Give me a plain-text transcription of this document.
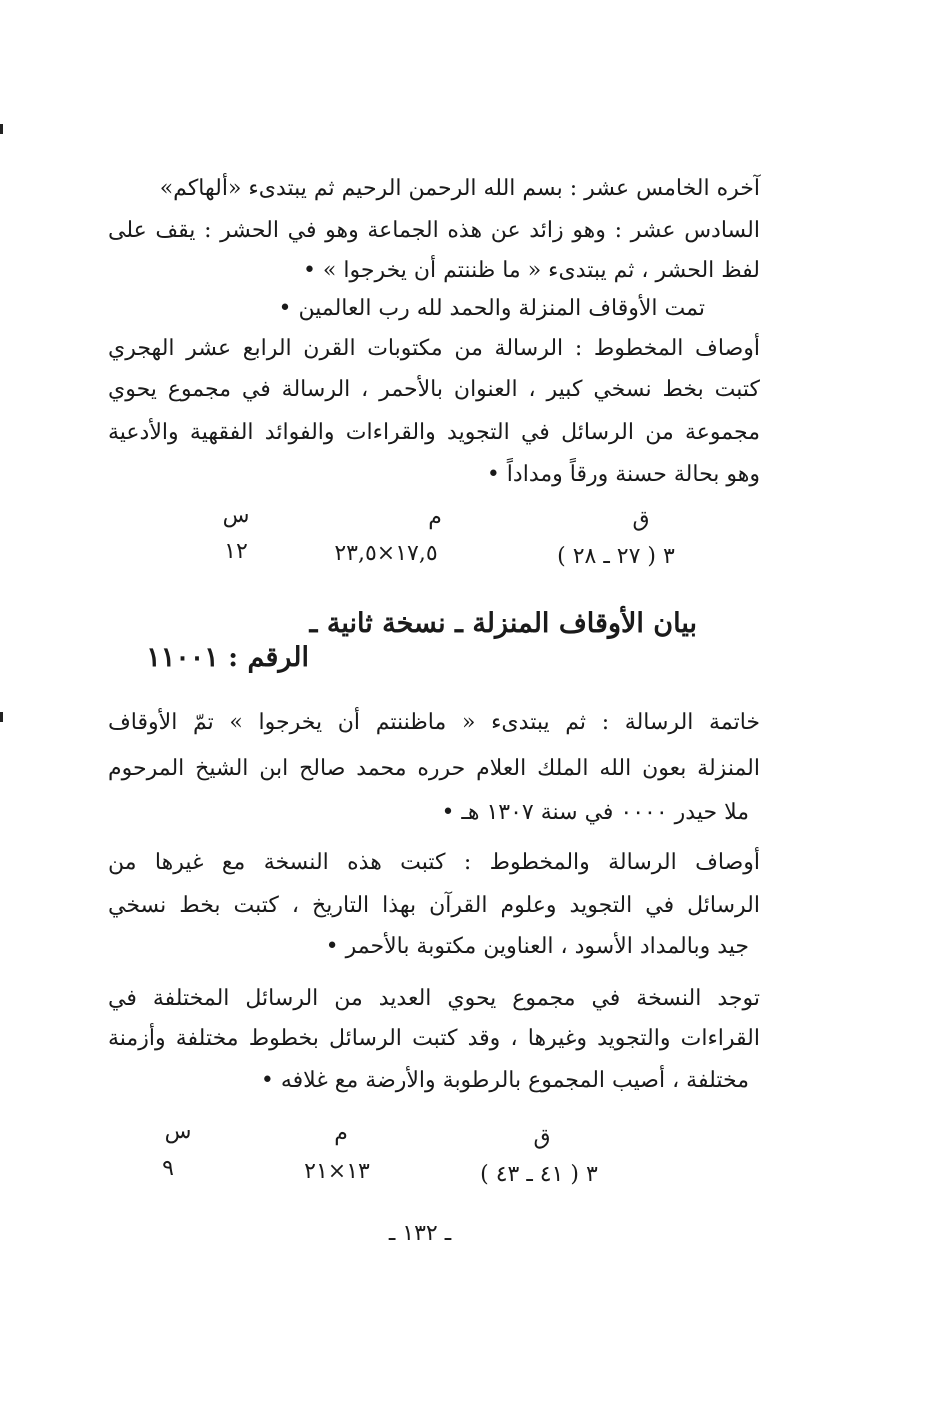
آخره الخامس عشر : بسم الله الرحمن الرحيم ثم يبتدىء «ألهاكم»
السادس عشر : وهو زائد عن هذه الجماعة وهو في الحشر : يقف على
لفظ الحشر ، ثم يبتدىء « ما ظننتم أن يخرجوا » •
تمت الأوقاف المنزلة والحمد لله رب العالمين •
أوصاف المخطوط : الرسالة من مكتوبات القرن الرابع عشر الهجري
كتبت بخط نسخي كبير ، العنوان بالأحمر ، الرسالة في مجموع يحوي
مجموعة من الرسائل في التجويد والقراءات والفوائد الفقهية والأدعية
وهو بحالة حسنة ورقاً ومداداً •
ق
م
س
٣ ( ٢٧ ـ ٢٨ )
١٧,٥×٢٣,٥
١٢
بيان الأوقاف المنزلة ـ نسخة ثانية ـ
الرقم : ١١٠٠١
خاتمة الرسالة : ثم يبتدىء « ماظننتم أن يخرجوا » تمّ الأوقاف
المنزلة بعون الله الملك العلام حرره محمد صالح ابن الشيخ المرحوم
ملا حيدر ٠٠٠٠ في سنة ١٣٠٧ هـ •
أوصاف الرسالة والمخطوط : كتبت هذه النسخة مع غيرها من
الرسائل في التجويد وعلوم القرآن بهذا التاريخ ، كتبت بخط نسخي
جيد وبالمداد الأسود ، العناوين مكتوبة بالأحمر •
توجد النسخة في مجموع يحوي العديد من الرسائل المختلفة في
القراءات والتجويد وغيرها ، وقد كتبت الرسائل بخطوط مختلفة وأزمنة
مختلفة ، أصيب المجموع بالرطوبة والأرضة مع غلافه •
ق
م
س
٣ ( ٤١ ـ ٤٣ )
١٣×٢١
٩
ـ ١٣٢ ـ
